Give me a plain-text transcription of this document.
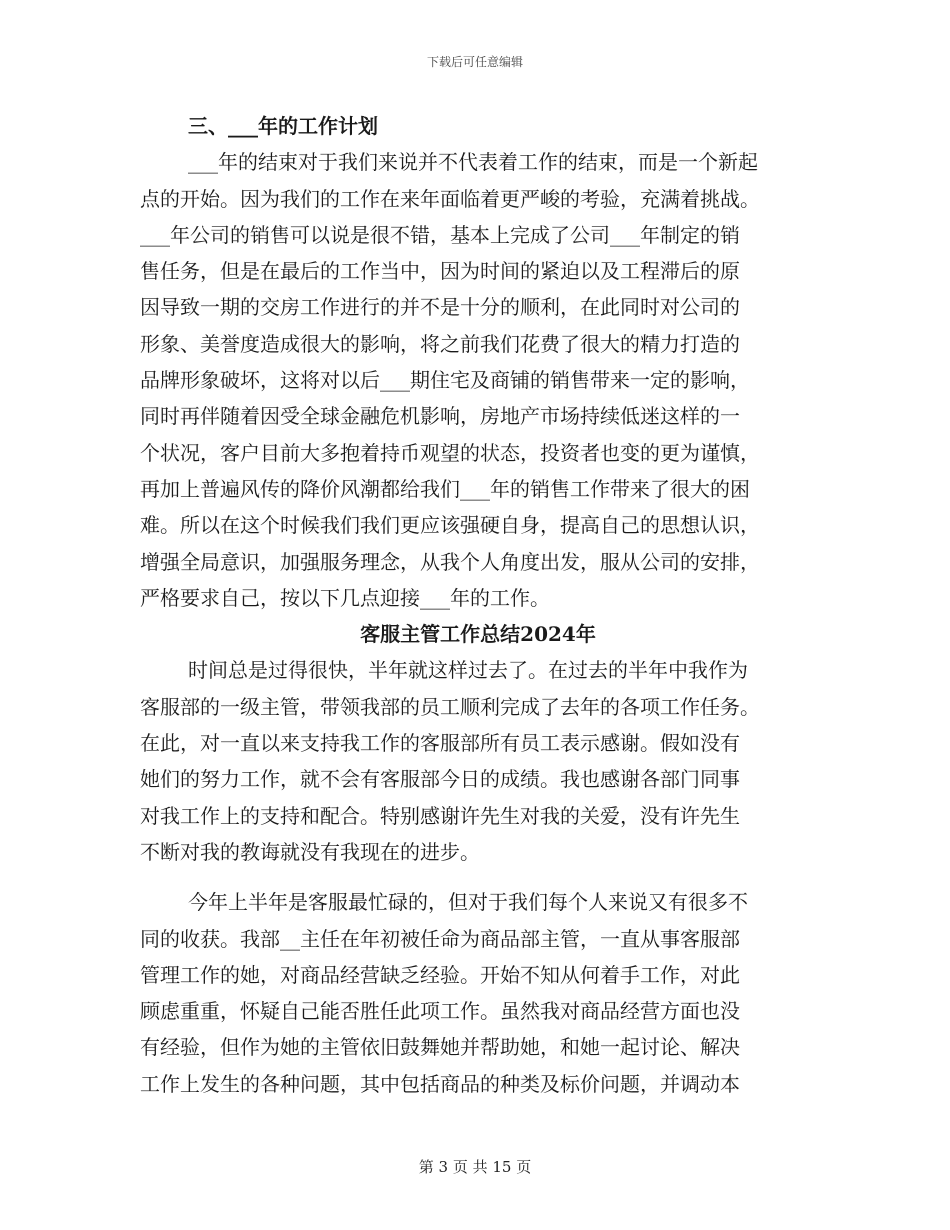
下载后可任意编辑
三、___年的工作计划
___年的结束对于我们来说并不代表着工作的结束，而是一个新起
点的开始。因为我们的工作在来年面临着更严峻的考验，充满着挑战。
___年公司的销售可以说是很不错，基本上完成了公司___年制定的销
售任务，但是在最后的工作当中，因为时间的紧迫以及工程滞后的原
因导致一期的交房工作进行的并不是十分的顺利，在此同时对公司的
形象、美誉度造成很大的影响，将之前我们花费了很大的精力打造的
品牌形象破坏，这将对以后___期住宅及商铺的销售带来一定的影响，
同时再伴随着因受全球金融危机影响，房地产市场持续低迷这样的一
个状况，客户目前大多抱着持币观望的状态，投资者也变的更为谨慎，
再加上普遍风传的降价风潮都给我们___年的销售工作带来了很大的困
难。所以在这个时候我们我们更应该强硬自身，提高自己的思想认识，
增强全局意识，加强服务理念，从我个人角度出发，服从公司的安排，
严格要求自己，按以下几点迎接___年的工作。
客服主管工作总结2024年
时间总是过得很快，半年就这样过去了。在过去的半年中我作为
客服部的一级主管，带领我部的员工顺利完成了去年的各项工作任务。
在此，对一直以来支持我工作的客服部所有员工表示感谢。假如没有
她们的努力工作，就不会有客服部今日的成绩。我也感谢各部门同事
对我工作上的支持和配合。特别感谢许先生对我的关爱，没有许先生
不断对我的教诲就没有我现在的进步。
今年上半年是客服最忙碌的，但对于我们每个人来说又有很多不
同的收获。我部__主任在年初被任命为商品部主管，一直从事客服部
管理工作的她，对商品经营缺乏经验。开始不知从何着手工作，对此
顾虑重重，怀疑自己能否胜任此项工作。虽然我对商品经营方面也没
有经验，但作为她的主管依旧鼓舞她并帮助她，和她一起讨论、解决
工作上发生的各种问题，其中包括商品的种类及标价问题，并调动本
第 3 页 共 15 页
